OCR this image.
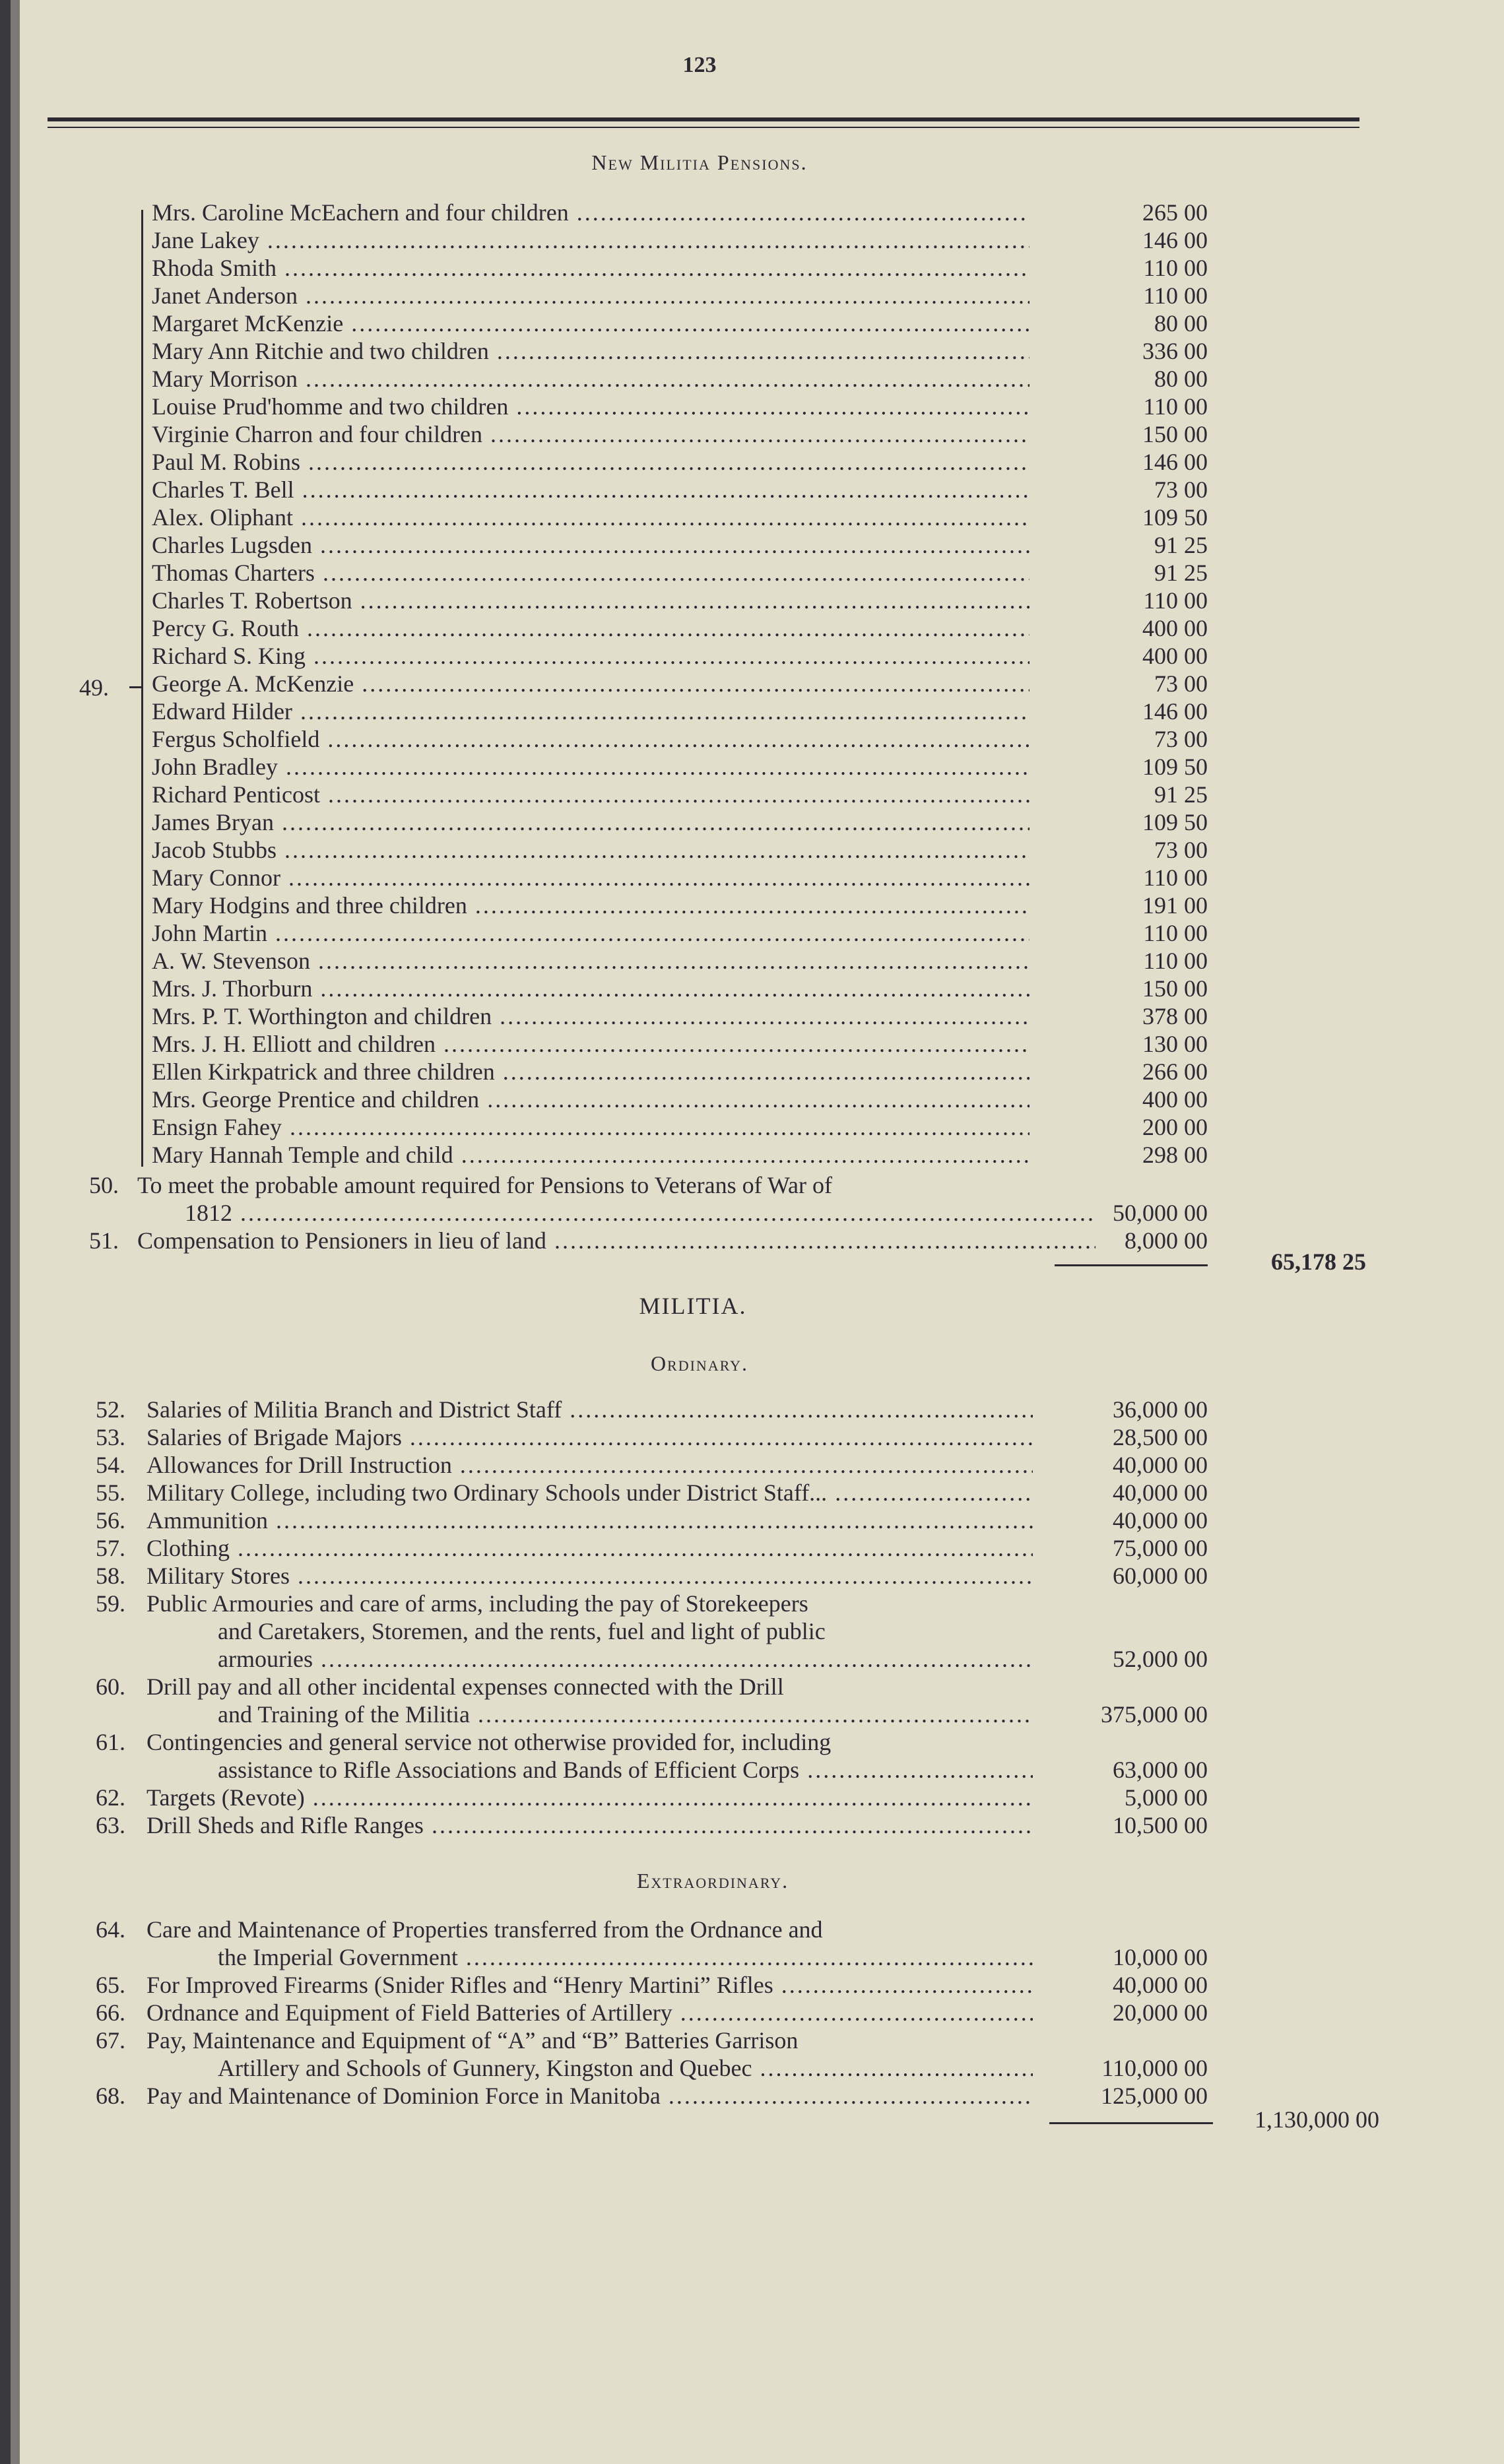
123
New Militia Pensions.
Mrs. Caroline McEachern and four children .....	265 00
Jane Lakey .....	146 00
Rhoda Smith .....	110 00
Janet Anderson .....	110 00
Margaret McKenzie .....	80 00
Mary Ann Ritchie and two children .....	336 00
Mary Morrison .....	80 00
Louise Prud'homme and two children .....	110 00
Virginie Charron and four children .....	150 00
Paul M. Robins .....	146 00
Charles T. Bell .....	73 00
Alex. Oliphant .....	109 50
Charles Lugsden .....	91 25
Thomas Charters .....	91 25
Charles T. Robertson .....	110 00
Percy G. Routh .....	400 00
Richard S. King .....	400 00
George A. McKenzie .....	73 00
Edward Hilder .....	146 00
Fergus Scholfield .....	73 00
John Bradley .....	109 50
Richard Penticost .....	91 25
James Bryan .....	109 50
Jacob Stubbs .....	73 00
Mary Connor .....	110 00
Mary Hodgins and three children .....	191 00
John Martin .....	110 00
A. W. Stevenson .....	110 00
Mrs. J. Thorburn .....	150 00
Mrs. P. T. Worthington and children .....	378 00
Mrs. J. H. Elliott and children .....	130 00
Ellen Kirkpatrick and three children .....	266 00
Mrs. George Prentice and children .....	400 00
Ensign Fahey .....	200 00
Mary Hannah Temple and child .....	298 00
49.
50. To meet the probable amount required for Pensions to Veterans of War of
1812 .....	50,000 00
51. Compensation to Pensioners in lieu of land .....	8,000 00
65,178 25
MILITIA.
Ordinary.
52. Salaries of Militia Branch and District Staff .....	36,000 00
53. Salaries of Brigade Majors .....	28,500 00
54. Allowances for Drill Instruction .....	40,000 00
55. Military College, including two Ordinary Schools under District Staff... .....	40,000 00
56. Ammunition .....	40,000 00
57. Clothing .....	75,000 00
58. Military Stores .....	60,000 00
59. Public Armouries and care of arms, including the pay of Storekeepers
and Caretakers, Storemen, and the rents, fuel and light of public
armouries .....	52,000 00
60. Drill pay and all other incidental expenses connected with the Drill
and Training of the Militia .....	375,000 00
61. Contingencies and general service not otherwise provided for, including
assistance to Rifle Associations and Bands of Efficient Corps .....	63,000 00
62. Targets (Revote) .....	5,000 00
63. Drill Sheds and Rifle Ranges .....	10,500 00
Extraordinary.
64. Care and Maintenance of Properties transferred from the Ordnance and
the Imperial Government .....	10,000 00
65. For Improved Firearms (Snider Rifles and “Henry Martini” Rifles .....	40,000 00
66. Ordnance and Equipment of Field Batteries of Artillery .....	20,000 00
67. Pay, Maintenance and Equipment of “A” and “B” Batteries Garrison
Artillery and Schools of Gunnery, Kingston and Quebec .....	110,000 00
68. Pay and Maintenance of Dominion Force in Manitoba .....	125,000 00
1,130,000 00
